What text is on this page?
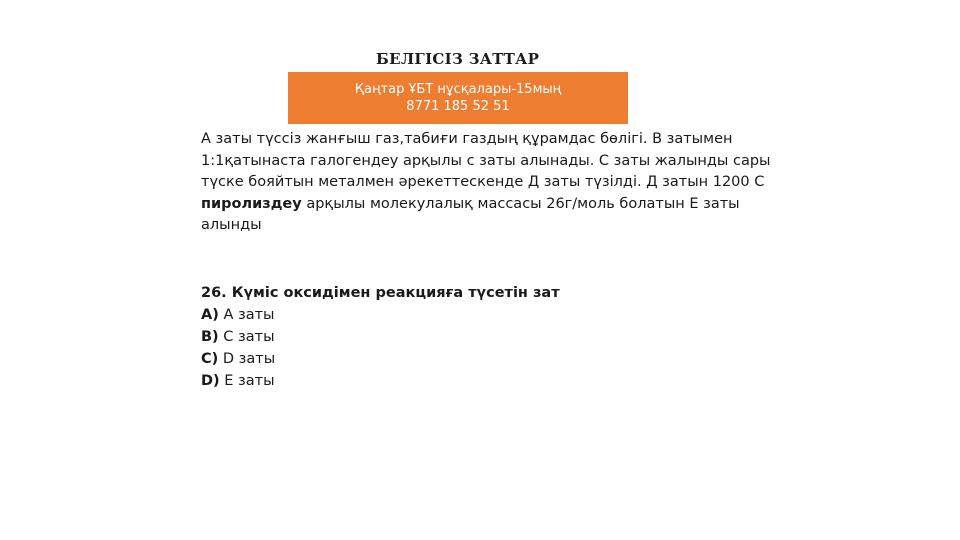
БЕЛГІСІЗ ЗАТТАР
Қаңтар ҰБТ нұсқалары-15мың
8771 185 52 51
А заты түссіз жанғыш газ,табиғи газдың құрамдас бөлігі. В затымен
1:1қатынаста галогендеу арқылы с заты алынады. С заты жалынды сары
түске бояйтын металмен әрекеттескенде Д заты түзілді. Д затын 1200 С
пиролиздеу арқылы молекулалық массасы 26г/моль болатын Е заты
алынды
26. Күміс оксидімен реакцияға түсетін зат
A) А заты
B) С заты
C) D заты
D) Е заты
